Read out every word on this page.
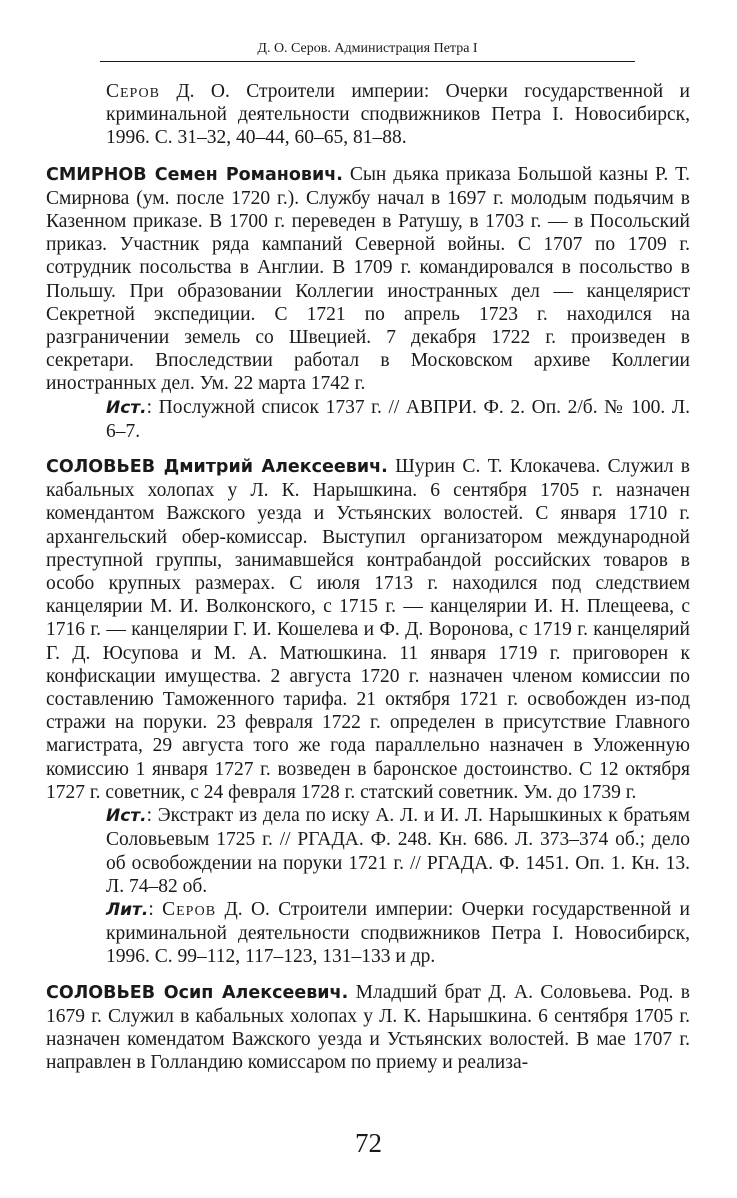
Д. О. Серов. Администрация Петра I

Серов Д. О. Строители империи: Очерки государственной и криминальной деятельности сподвижников Петра I. Новосибирск, 1996. С. 31–32, 40–44, 60–65, 81–88.

СМИРНОВ Семен Романович. Сын дьяка приказа Большой казны Р. Т. Смирнова (ум. после 1720 г.). Службу начал в 1697 г. молодым подьячим в Казенном приказе. В 1700 г. переведен в Ратушу, в 1703 г. — в Посольский приказ. Участник ряда кампаний Северной войны. С 1707 по 1709 г. сотрудник посольства в Англии. В 1709 г. командировался в посольство в Польшу. При образовании Коллегии иностранных дел — канцелярист Секретной экспедиции. С 1721 по апрель 1723 г. находился на разграничении земель со Швецией. 7 декабря 1722 г. произведен в секретари. Впоследствии работал в Московском архиве Коллегии иностранных дел. Ум. 22 марта 1742 г.

Ист.: Послужной список 1737 г. // АВПРИ. Ф. 2. Оп. 2/б. № 100. Л. 6–7.

СОЛОВЬЕВ Дмитрий Алексеевич. Шурин С. Т. Клокачева. Служил в кабальных холопах у Л. К. Нарышкина. 6 сентября 1705 г. назначен комендантом Важского уезда и Устьянских волостей. С января 1710 г. архангельский обер-комиссар. Выступил организатором международной преступной группы, занимавшейся контрабандой российских товаров в особо крупных размерах. С июля 1713 г. находился под следствием канцелярии М. И. Волконского, с 1715 г. — канцелярии И. Н. Плещеева, с 1716 г. — канцелярии Г. И. Кошелева и Ф. Д. Воронова, с 1719 г. канцелярий Г. Д. Юсупова и М. А. Матюшкина. 11 января 1719 г. приговорен к конфискации имущества. 2 августа 1720 г. назначен членом комиссии по составлению Таможенного тарифа. 21 октября 1721 г. освобожден из-под стражи на поруки. 23 февраля 1722 г. определен в присутствие Главного магистрата, 29 августа того же года параллельно назначен в Уложенную комиссию 1 января 1727 г. возведен в баронское достоинство. С 12 октября 1727 г. советник, с 24 февраля 1728 г. статский советник. Ум. до 1739 г.

Ист.: Экстракт из дела по иску А. Л. и И. Л. Нарышкиных к братьям Соловьевым 1725 г. // РГАДА. Ф. 248. Кн. 686. Л. 373–374 об.; дело об освобождении на поруки 1721 г. // РГАДА. Ф. 1451. Оп. 1. Кн. 13. Л. 74–82 об.

Лит.: Серов Д. О. Строители империи: Очерки государственной и криминальной деятельности сподвижников Петра I. Новосибирск, 1996. С. 99–112, 117–123, 131–133 и др.

СОЛОВЬЕВ Осип Алексеевич. Младший брат Д. А. Соловьева. Род. в 1679 г. Служил в кабальных холопах у Л. К. Нарышкина. 6 сентября 1705 г. назначен комендатом Важского уезда и Устьянских волостей. В мае 1707 г. направлен в Голландию комиссаром по приему и реализа-

72
